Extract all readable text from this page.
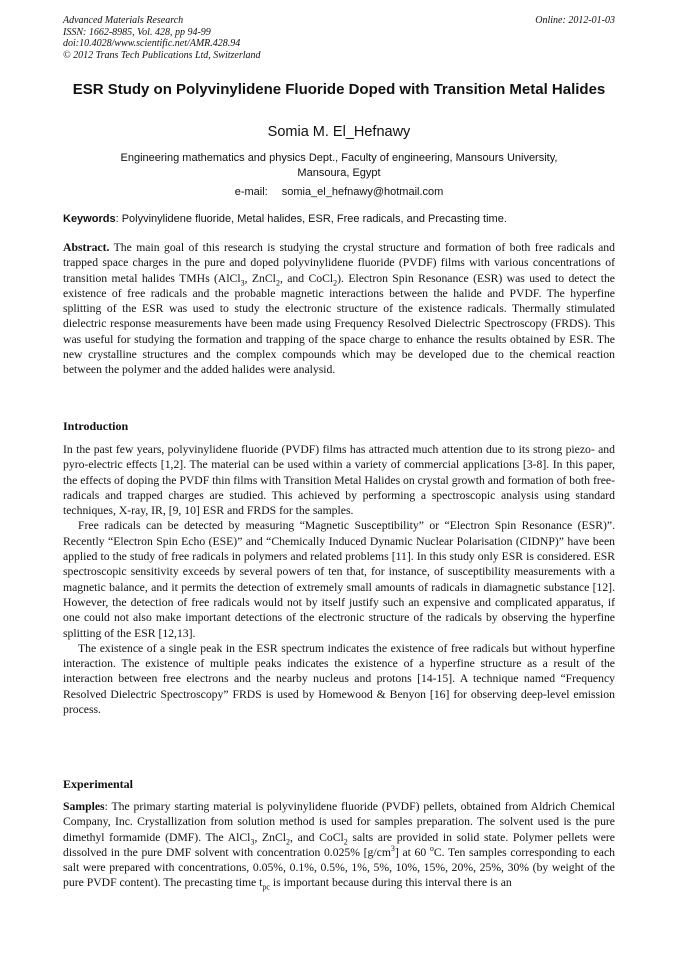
Advanced Materials Research
ISSN: 1662-8985, Vol. 428, pp 94-99
doi:10.4028/www.scientific.net/AMR.428.94
© 2012 Trans Tech Publications Ltd, Switzerland
Online: 2012-01-03
ESR Study on Polyvinylidene Fluoride Doped with Transition Metal Halides
Somia M. El_Hefnawy
Engineering mathematics and physics Dept., Faculty of engineering, Mansours University,
Mansoura, Egypt
e-mail: somia_el_hefnawy@hotmail.com
Keywords: Polyvinylidene fluoride, Metal halides, ESR, Free radicals, and Precasting time.

Abstract. The main goal of this research is studying the crystal structure and formation of both free radicals and trapped space charges in the pure and doped polyvinylidene fluoride (PVDF) films with various concentrations of transition metal halides TMHs (AlCl$_3$, ZnCl$_2$, and CoCl$_2$). Electron Spin Resonance (ESR) was used to detect the existence of free radicals and the probable magnetic interactions between the halide and PVDF. The hyperfine splitting of the ESR was used to study the electronic structure of the existence radicals. Thermally stimulated dielectric response measurements have been made using Frequency Resolved Dielectric Spectroscopy (FRDS). This was useful for studying the formation and trapping of the space charge to enhance the results obtained by ESR. The new crystalline structures and the complex compounds which may be developed due to the chemical reaction between the polymer and the added halides were analysid.

Introduction

In the past few years, polyvinylidene fluoride (PVDF) films has attracted much attention due to its strong piezo- and pyro-electric effects [1,2]. The material can be used within a variety of commercial applications [3-8]. In this paper, the effects of doping the PVDF thin films with Transition Metal Halides on crystal growth and formation of both free-radicals and trapped charges are studied. This achieved by performing a spectroscopic analysis using standard techniques, X-ray, IR, [9, 10] ESR and FRDS for the samples.

Free radicals can be detected by measuring “Magnetic Susceptibility” or “Electron Spin Resonance (ESR)”. Recently “Electron Spin Echo (ESE)” and “Chemically Induced Dynamic Nuclear Polarisation (CIDNP)” have been applied to the study of free radicals in polymers and related problems [11]. In this study only ESR is considered. ESR spectroscopic sensitivity exceeds by several powers of ten that, for instance, of susceptibility measurements with a magnetic balance, and it permits the detection of extremely small amounts of radicals in diamagnetic substance [12]. However, the detection of free radicals would not by itself justify such an expensive and complicated apparatus, if one could not also make important detections of the electronic structure of the radicals by observing the hyperfine splitting of the ESR [12,13].

The existence of a single peak in the ESR spectrum indicates the existence of free radicals but without hyperfine interaction. The existence of multiple peaks indicates the existence of a hyperfine structure as a result of the interaction between free electrons and the nearby nucleus and protons [14-15]. A technique named “Frequency Resolved Dielectric Spectroscopy” FRDS is used by Homewood & Benyon [16] for observing deep-level emission process.

Experimental

Samples: The primary starting material is polyvinylidene fluoride (PVDF) pellets, obtained from Aldrich Chemical Company, Inc. Crystallization from solution method is used for samples preparation. The solvent used is the pure dimethyl formamide (DMF). The AlCl$_3$, ZnCl$_2$, and CoCl$_2$ salts are provided in solid state. Polymer pellets were dissolved in the pure DMF solvent with concentration 0.025% $[g/cm^3]$ at 60 $^o$C. Ten samples corresponding to each salt were prepared with concentrations, 0.05%, 0.1%, 0.5%, 1%, 5%, 10%, 15%, 20%, 25%, 30% (by weight of the pure PVDF content). The precasting time $t_{pc}$ is important because during this interval there is an
